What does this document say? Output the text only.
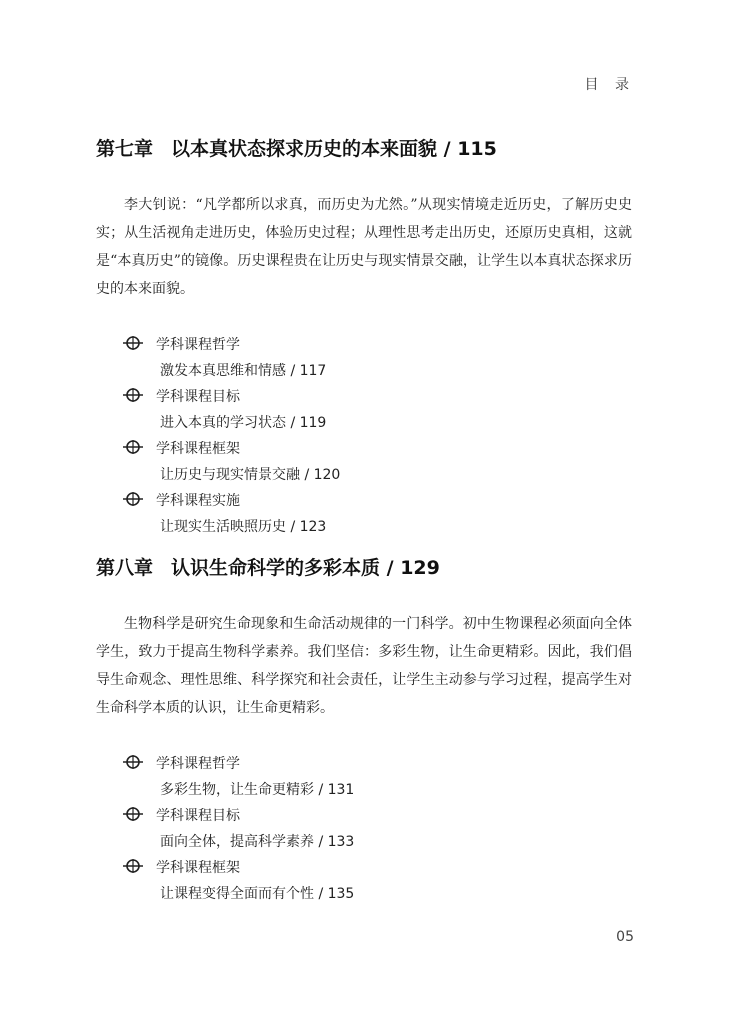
目 录
第七章 以本真状态探求历史的本来面貌 / 115

李大钊说：“凡学都所以求真，而历史为尤然。”从现实情境走近历史，了解历史史实；从生活视角走进历史，体验历史过程；从理性思考走出历史，还原历史真相，这就是“本真历史”的镜像。历史课程贵在让历史与现实情景交融，让学生以本真状态探求历史的本来面貌。

学科课程哲学
激发本真思维和情感 / 117
学科课程目标
进入本真的学习状态 / 119
学科课程框架
让历史与现实情景交融 / 120
学科课程实施
让现实生活映照历史 / 123
第八章 认识生命科学的多彩本质 / 129

生物科学是研究生命现象和生命活动规律的一门科学。初中生物课程必须面向全体学生，致力于提高生物科学素养。我们坚信：多彩生物，让生命更精彩。因此，我们倡导生命观念、理性思维、科学探究和社会责任，让学生主动参与学习过程，提高学生对生命科学本质的认识，让生命更精彩。

学科课程哲学
多彩生物，让生命更精彩 / 131
学科课程目标
面向全体，提高科学素养 / 133
学科课程框架
让课程变得全面而有个性 / 135
05
